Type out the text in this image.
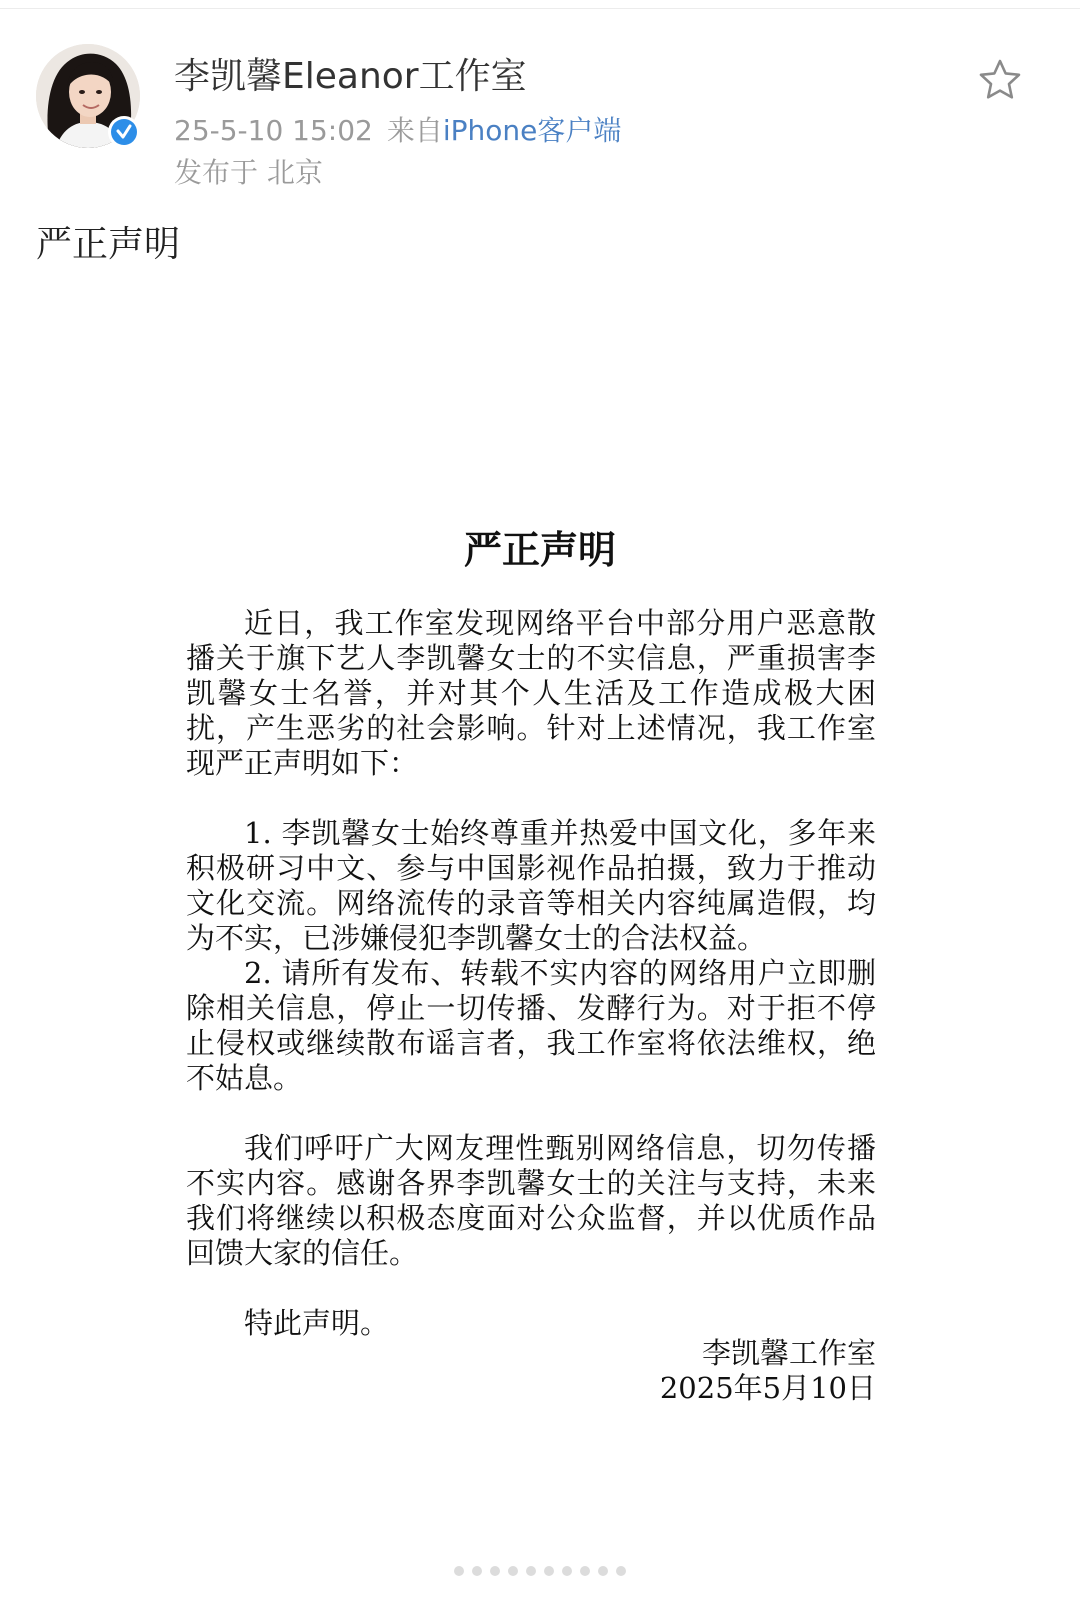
李凯馨Eleanor工作室
25-5-10 15:02 来自iPhone客户端
发布于 北京
严正声明
严正声明

近日，我工作室发现网络平台中部分用户恶意散播关于旗下艺人李凯馨女士的不实信息，严重损害李凯馨女士名誉，并对其个人生活及工作造成极大困扰，产生恶劣的社会影响。针对上述情况，我工作室现严正声明如下：

1. 李凯馨女士始终尊重并热爱中国文化，多年来积极研习中文、参与中国影视作品拍摄，致力于推动文化交流。网络流传的录音等相关内容纯属造假，均为不实，已涉嫌侵犯李凯馨女士的合法权益。

2. 请所有发布、转载不实内容的网络用户立即删除相关信息，停止一切传播、发酵行为。对于拒不停止侵权或继续散布谣言者，我工作室将依法维权，绝不姑息。

我们呼吁广大网友理性甄别网络信息，切勿传播不实内容。感谢各界李凯馨女士的关注与支持，未来我们将继续以积极态度面对公众监督，并以优质作品回馈大家的信任。

特此声明。

李凯馨工作室
2025年5月10日
